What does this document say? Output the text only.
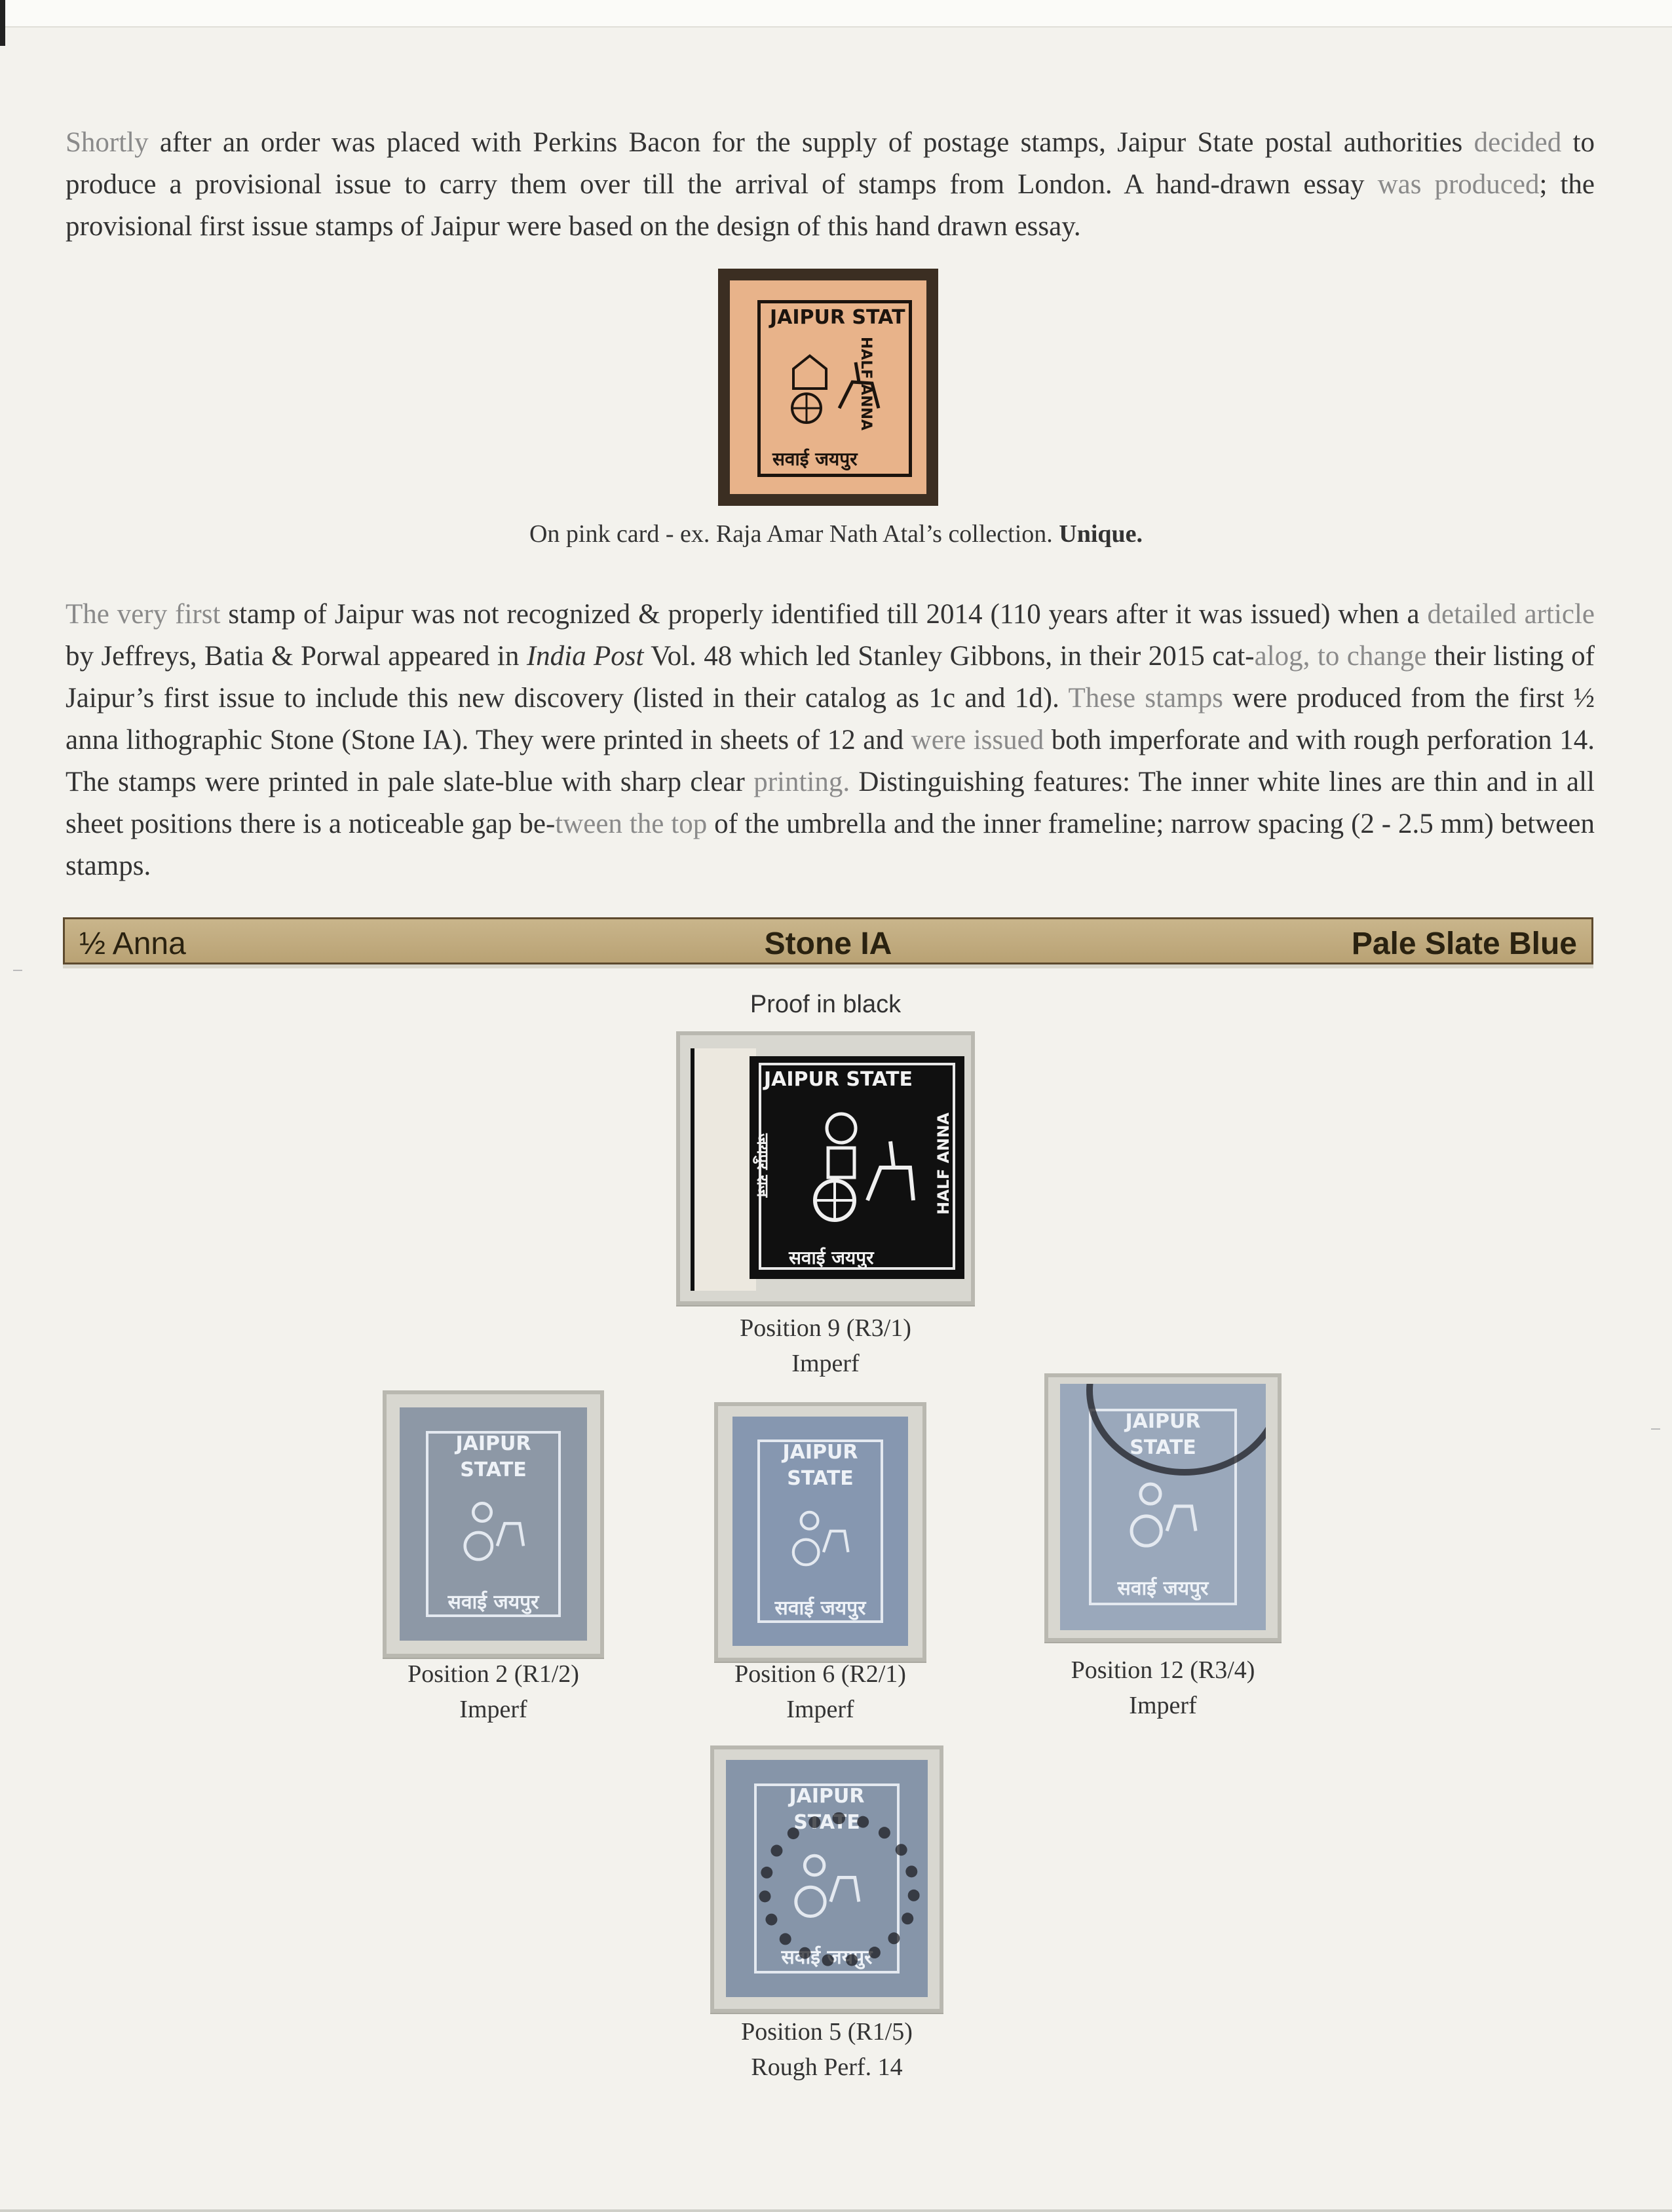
Shortly after an order was placed with Perkins Bacon for the supply of postage stamps, Jaipur State postal authorities decided to produce a provisional issue to carry them over till the arrival of stamps from London. A hand-drawn essay was produced; the provisional first issue stamps of Jaipur were based on the design of this hand drawn essay.

JAIPUR STAT
HALF ANNA
सवाई जयपुर
On pink card - ex. Raja Amar Nath Atal’s collection. Unique.

The very first stamp of Jaipur was not recognized & properly identified till 2014 (110 years after it was issued) when a detailed article by Jeffreys, Batia & Porwal appeared in India Post Vol. 48 which led Stanley Gibbons, in their 2015 cat-alog, to change their listing of Jaipur’s first issue to include this new discovery (listed in their catalog as 1c and 1d). These stamps were produced from the first ½ anna lithographic Stone (Stone IA). They were printed in sheets of 12 and were issued both imperforate and with rough perforation 14. The stamps were printed in pale slate-blue with sharp clear printing. Distinguishing features: The inner white lines are thin and in all sheet positions there is a noticeable gap be-tween the top of the umbrella and the inner frameline; narrow spacing (2 - 2.5 mm) between stamps.

Stone IA
½ Anna	Pale Slate Blue
Proof in black
JAIPUR STATE
जयपुर राज	HALF ANNA
सवाई जयपुर
Position 9 (R3/1)
Imperf
JAIPUR STATE
सवाई जयपुर
Position 2 (R1/2)
Imperf
JAIPUR STATE
सवाई जयपुर
Position 6 (R2/1)
Imperf
JAIPUR STATE
सवाई जयपुर
Position 12 (R3/4)
Imperf
JAIPUR STATE
सवाई जयपुर
Position 5 (R1/5)
Rough Perf. 14
